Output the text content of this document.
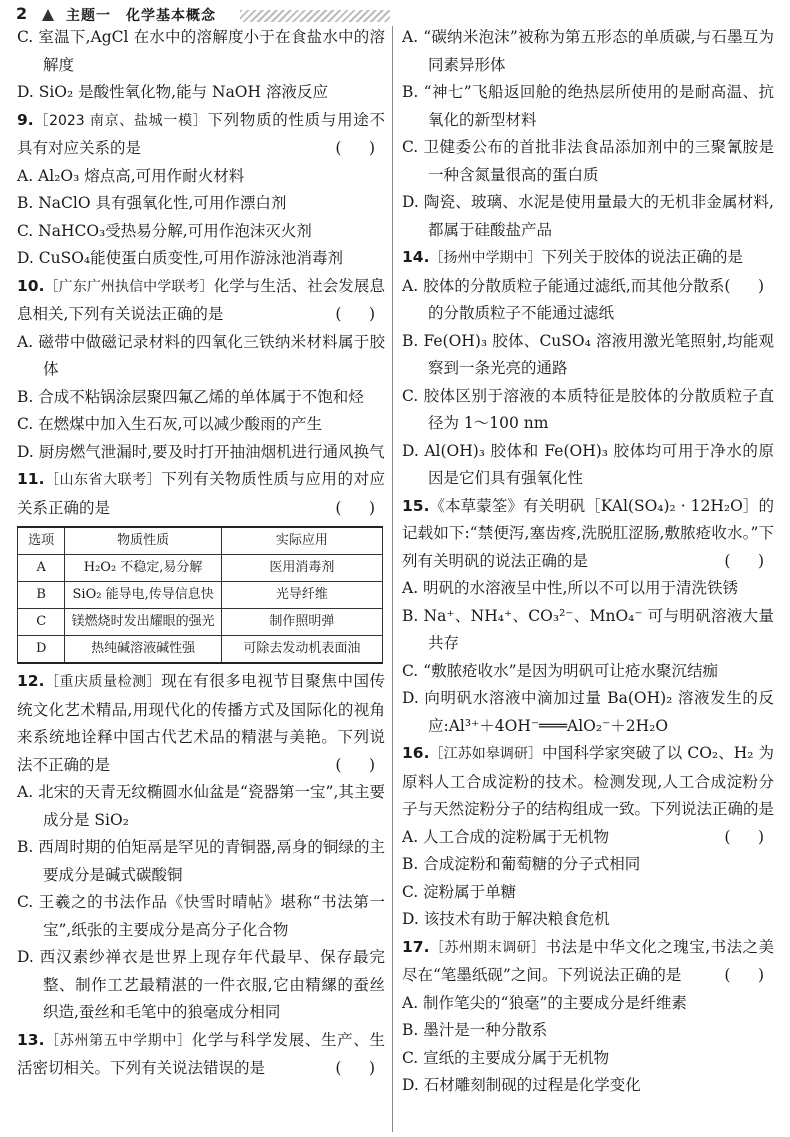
2	主题一　化学基本概念
C. 室温下,AgCl 在水中的溶解度小于在食盐水中的溶解度
D. SiO₂ 是酸性氧化物,能与 NaOH 溶液反应
9.［2023 南京、盐城一模］下列物质的性质与用途不具有对应关系的是	(　)
A. Al₂O₃ 熔点高,可用作耐火材料
B. NaClO 具有强氧化性,可用作漂白剂
C. NaHCO₃受热易分解,可用作泡沫灭火剂
D. CuSO₄能使蛋白质变性,可用作游泳池消毒剂
10.［广东广州执信中学联考］化学与生活、社会发展息息相关,下列有关说法正确的是	(　)
A. 磁带中做磁记录材料的四氧化三铁纳米材料属于胶体
B. 合成不粘锅涂层聚四氟乙烯的单体属于不饱和烃
C. 在燃煤中加入生石灰,可以减少酸雨的产生
D. 厨房燃气泄漏时,要及时打开抽油烟机进行通风换气
11.［山东省大联考］下列有关物质性质与应用的对应关系正确的是	(　)
选项	物质性质	实际应用
A	H₂O₂ 不稳定,易分解	医用消毒剂
B	SiO₂ 能导电,传导信息快	光导纤维
C	镁燃烧时发出耀眼的强光	制作照明弹
D	热纯碱溶液碱性强	可除去发动机表面油
12.［重庆质量检测］现在有很多电视节目聚焦中国传统文化艺术精品,用现代化的传播方式及国际化的视角来系统地诠释中国古代艺术品的精湛与美艳。下列说法不正确的是	(　)
A. 北宋的天青无纹椭圆水仙盆是“瓷器第一宝”,其主要成分是 SiO₂
B. 西周时期的伯矩鬲是罕见的青铜器,鬲身的铜绿的主要成分是碱式碳酸铜
C. 王羲之的书法作品《快雪时晴帖》堪称“书法第一宝”,纸张的主要成分是高分子化合物
D. 西汉素纱禅衣是世界上现存年代最早、保存最完整、制作工艺最精湛的一件衣服,它由精縲的蚕丝织造,蚕丝和毛笔中的狼毫成分相同
13.［苏州第五中学期中］化学与科学发展、生产、生活密切相关。下列有关说法错误的是	(　)
A. “碳纳米泡沫”被称为第五形态的单质碳,与石墨互为同素异形体
B. “神七”飞船返回舱的绝热层所使用的是耐高温、抗氧化的新型材料
C. 卫健委公布的首批非法食品添加剂中的三聚氰胺是一种含氮量很高的蛋白质
D. 陶瓷、玻璃、水泥是使用量最大的无机非金属材料,都属于硅酸盐产品
14.［扬州中学期中］下列关于胶体的说法正确的是
(　)
A. 胶体的分散质粒子能通过滤纸,而其他分散系的分散质粒子不能通过滤纸
B. Fe(OH)₃ 胶体、CuSO₄ 溶液用激光笔照射,均能观察到一条光亮的通路
C. 胶体区别于溶液的本质特征是胶体的分散质粒子直径为 1～100 nm
D. Al(OH)₃ 胶体和 Fe(OH)₃ 胶体均可用于净水的原因是它们具有强氧化性
15.《本草蒙筌》有关明矾［KAl(SO₄)₂ · 12H₂O］的记载如下:“禁便泻,塞齿疼,洗脱肛涩肠,敷脓疮收水。”下列有关明矾的说法正确的是	(　)
A. 明矾的水溶液呈中性,所以不可以用于清洗铁锈
B. Na⁺、NH₄⁺、CO₃²⁻、MnO₄⁻ 可与明矾溶液大量共存
C. “敷脓疮收水”是因为明矾可让疮水聚沉结痂
D. 向明矾水溶液中滴加过量 Ba(OH)₂ 溶液发生的反应:Al³⁺＋4OH⁻═══AlO₂⁻＋2H₂O
16.［江苏如皋调研］中国科学家突破了以 CO₂、H₂ 为原料人工合成淀粉的技术。检测发现,人工合成淀粉分子与天然淀粉分子的结构组成一致。下列说法正确的是
(　)
A. 人工合成的淀粉属于无机物
B. 合成淀粉和葡萄糖的分子式相同
C. 淀粉属于单糖
D. 该技术有助于解决粮食危机
17.［苏州期末调研］书法是中华文化之瑰宝,书法之美尽在“笔墨纸砚”之间。下列说法正确的是	(　)
A. 制作笔尖的“狼毫”的主要成分是纤维素
B. 墨汁是一种分散系
C. 宣纸的主要成分属于无机物
D. 石材雕刻制砚的过程是化学变化
